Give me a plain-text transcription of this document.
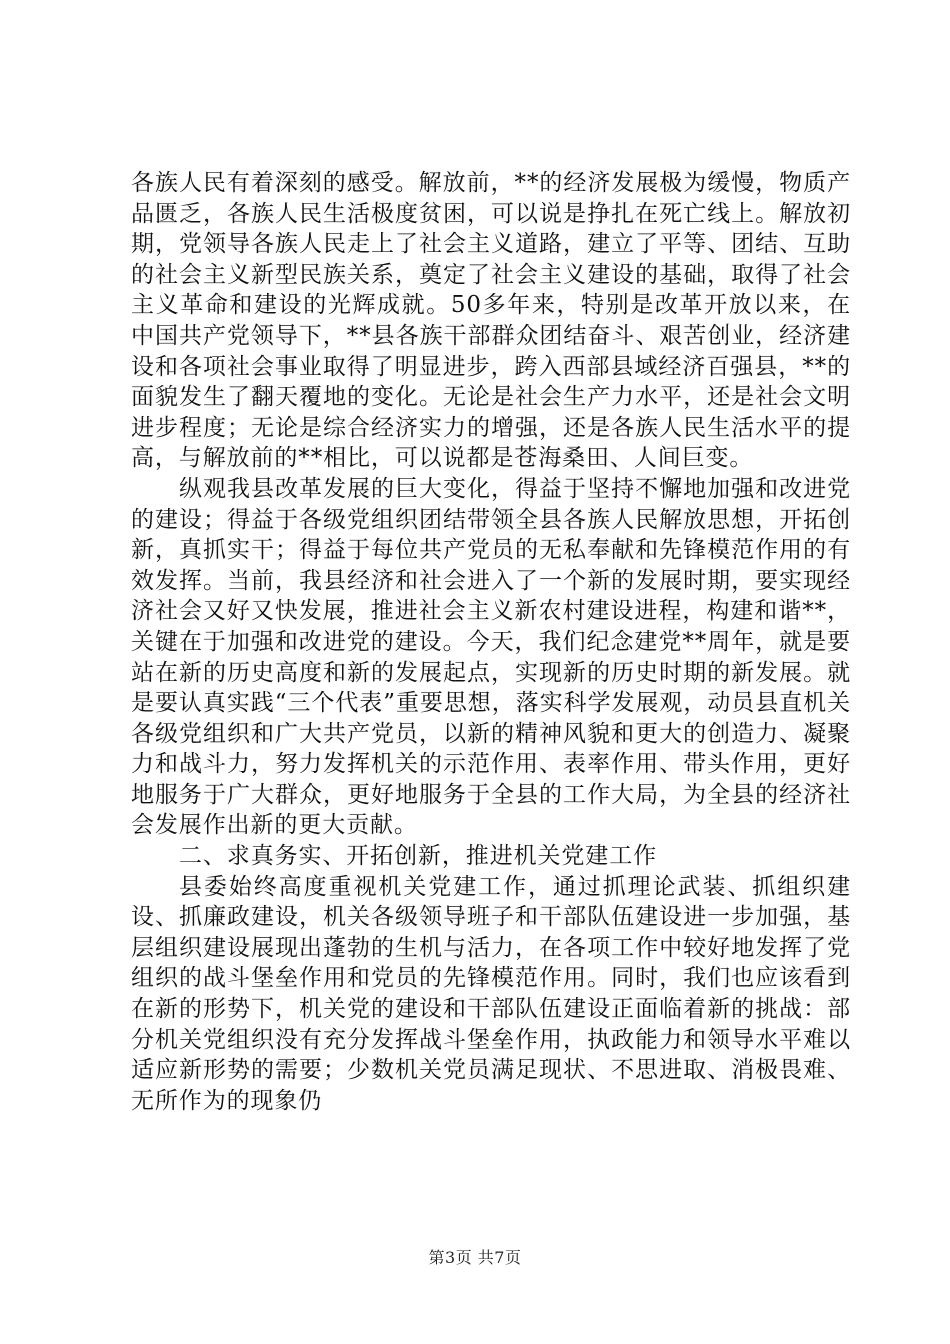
各族人民有着深刻的感受。解放前，**的经济发展极为缓慢，物质产品匮乏，各族人民生活极度贫困，可以说是挣扎在死亡线上。解放初期，党领导各族人民走上了社会主义道路，建立了平等、团结、互助的社会主义新型民族关系，奠定了社会主义建设的基础，取得了社会主义革命和建设的光辉成就。50多年来，特别是改革开放以来，在中国共产党领导下，**县各族干部群众团结奋斗、艰苦创业，经济建设和各项社会事业取得了明显进步，跨入西部县域经济百强县，**的面貌发生了翻天覆地的变化。无论是社会生产力水平，还是社会文明进步程度；无论是综合经济实力的增强，还是各族人民生活水平的提高，与解放前的**相比，可以说都是苍海桑田、人间巨变。

纵观我县改革发展的巨大变化，得益于坚持不懈地加强和改进党的建设；得益于各级党组织团结带领全县各族人民解放思想，开拓创新，真抓实干；得益于每位共产党员的无私奉献和先锋模范作用的有效发挥。当前，我县经济和社会进入了一个新的发展时期，要实现经济社会又好又快发展，推进社会主义新农村建设进程，构建和谐**，关键在于加强和改进党的建设。今天，我们纪念建党**周年，就是要站在新的历史高度和新的发展起点，实现新的历史时期的新发展。就是要认真实践“三个代表”重要思想，落实科学发展观，动员县直机关各级党组织和广大共产党员，以新的精神风貌和更大的创造力、凝聚力和战斗力，努力发挥机关的示范作用、表率作用、带头作用，更好地服务于广大群众，更好地服务于全县的工作大局，为全县的经济社会发展作出新的更大贡献。

二、求真务实、开拓创新，推进机关党建工作

县委始终高度重视机关党建工作，通过抓理论武装、抓组织建设、抓廉政建设，机关各级领导班子和干部队伍建设进一步加强，基层组织建设展现出蓬勃的生机与活力，在各项工作中较好地发挥了党组织的战斗堡垒作用和党员的先锋模范作用。同时，我们也应该看到在新的形势下，机关党的建设和干部队伍建设正面临着新的挑战：部分机关党组织没有充分发挥战斗堡垒作用，执政能力和领导水平难以适应新形势的需要；少数机关党员满足现状、不思进取、消极畏难、无所作为的现象仍

第3页 共7页
